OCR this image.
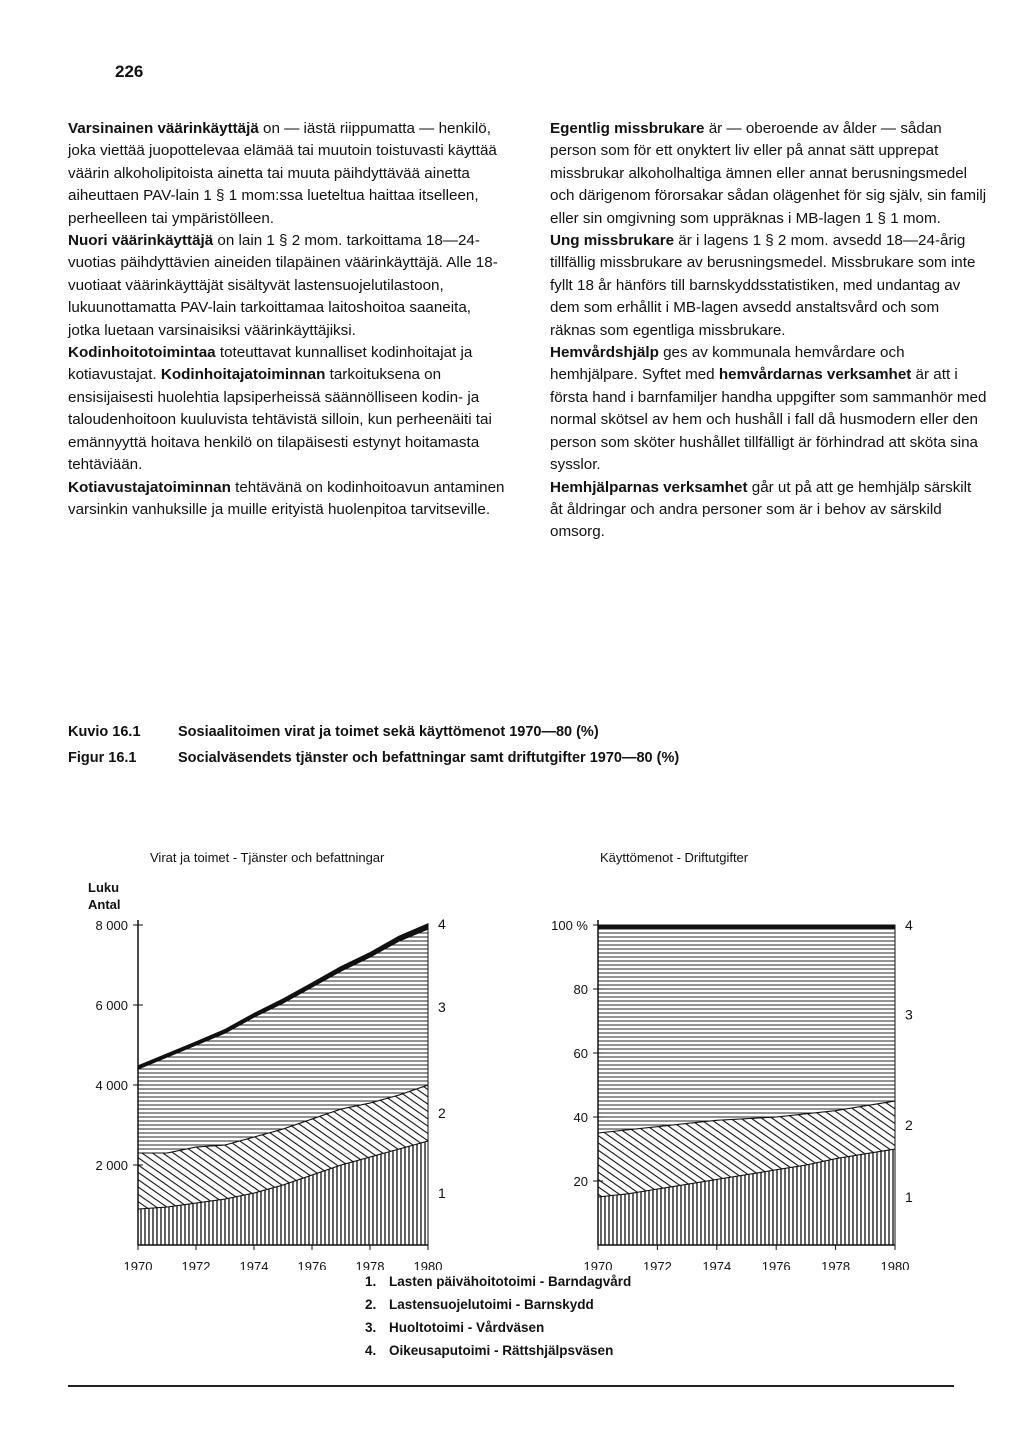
226

Varsinainen väärinkäyttäjä on — iästä riippumatta — henkilö, joka viettää juopottelevaa elämää tai muutoin toistuvasti käyttää väärin alkoholipitoista ainetta tai muuta päihdyttävää ainetta aiheuttaen PAV-lain 1 § 1 mom:ssa lueteltua haittaa itselleen, perheelleen tai ympäristölleen.

Nuori väärinkäyttäjä on lain 1 § 2 mom. tarkoittama 18—24-vuotias päihdyttävien aineiden tilapäinen väärinkäyttäjä. Alle 18-vuotiaat väärinkäyttäjät sisältyvät lastensuojelutilastoon, lukuunottamatta PAV-lain tarkoittamaa laitoshoitoa saaneita, jotka luetaan varsinaisiksi väärinkäyttäjiksi.

Kodinhoitotoimintaa toteuttavat kunnalliset kodinhoitajat ja kotiavustajat. Kodinhoitajatoiminnan tarkoituksena on ensisijaisesti huolehtia lapsiperheissä säännölliseen kodin- ja taloudenhoitoon kuuluvista tehtävistä silloin, kun perheenäiti tai emännyyttä hoitava henkilö on tilapäisesti estynyt hoitamasta tehtäviään.

Kotiavustajatoiminnan tehtävänä on kodinhoitoavun antaminen varsinkin vanhuksille ja muille erityistä huolenpitoa tarvitseville.

Egentlig missbrukare är — oberoende av ålder — sådan person som för ett onyktert liv eller på annat sätt upprepat missbrukar alkoholhaltiga ämnen eller annat berusningsmedel och därigenom förorsakar sådan olägenhet för sig själv, sin familj eller sin omgivning som uppräknas i MB-lagen 1 § 1 mom.

Ung missbrukare är i lagens 1 § 2 mom. avsedd 18—24-årig tillfällig missbrukare av berusningsmedel. Missbrukare som inte fyllt 18 år hänförs till barnskyddsstatistiken, med undantag av dem som erhållit i MB-lagen avsedd anstaltsvård och som räknas som egentliga missbrukare.

Hemvårdshjälp ges av kommunala hemvårdare och hemhjälpare. Syftet med hemvårdarnas verksamhet är att i första hand i barnfamiljer handha uppgifter som sammanhör med normal skötsel av hem och hushåll i fall då husmodern eller den person som sköter hushållet tillfälligt är förhindrad att sköta sina sysslor.

Hemhjälparnas verksamhet går ut på att ge hemhjälp särskilt åt åldringar och andra personer som är i behov av särskild omsorg.

Kuvio 16.1	Sosiaalitoimen virat ja toimet sekä käyttömenot 1970—80 (%)
Figur 16.1	Socialväsendets tjänster och befattningar samt driftutgifter 1970—80 (%)
Virat ja toimet - Tjänster och befattningar
Luku
Antal
1
2
3
4
1970 1972 1974 1976 1978 1980
2 000
4 000
6 000
8 000
Käyttömenot - Driftutgifter
1
2
3
4
1970 1972 1974 1976 1978 1980
20
40
60
80
100 %
1. Lasten päivähoitotoimi - Barndagvård
2. Lastensuojelutoimi - Barnskydd
3. Huoltotoimi - Vårdväsen
4. Oikeusaputoimi - Rättshjälpsväsen
